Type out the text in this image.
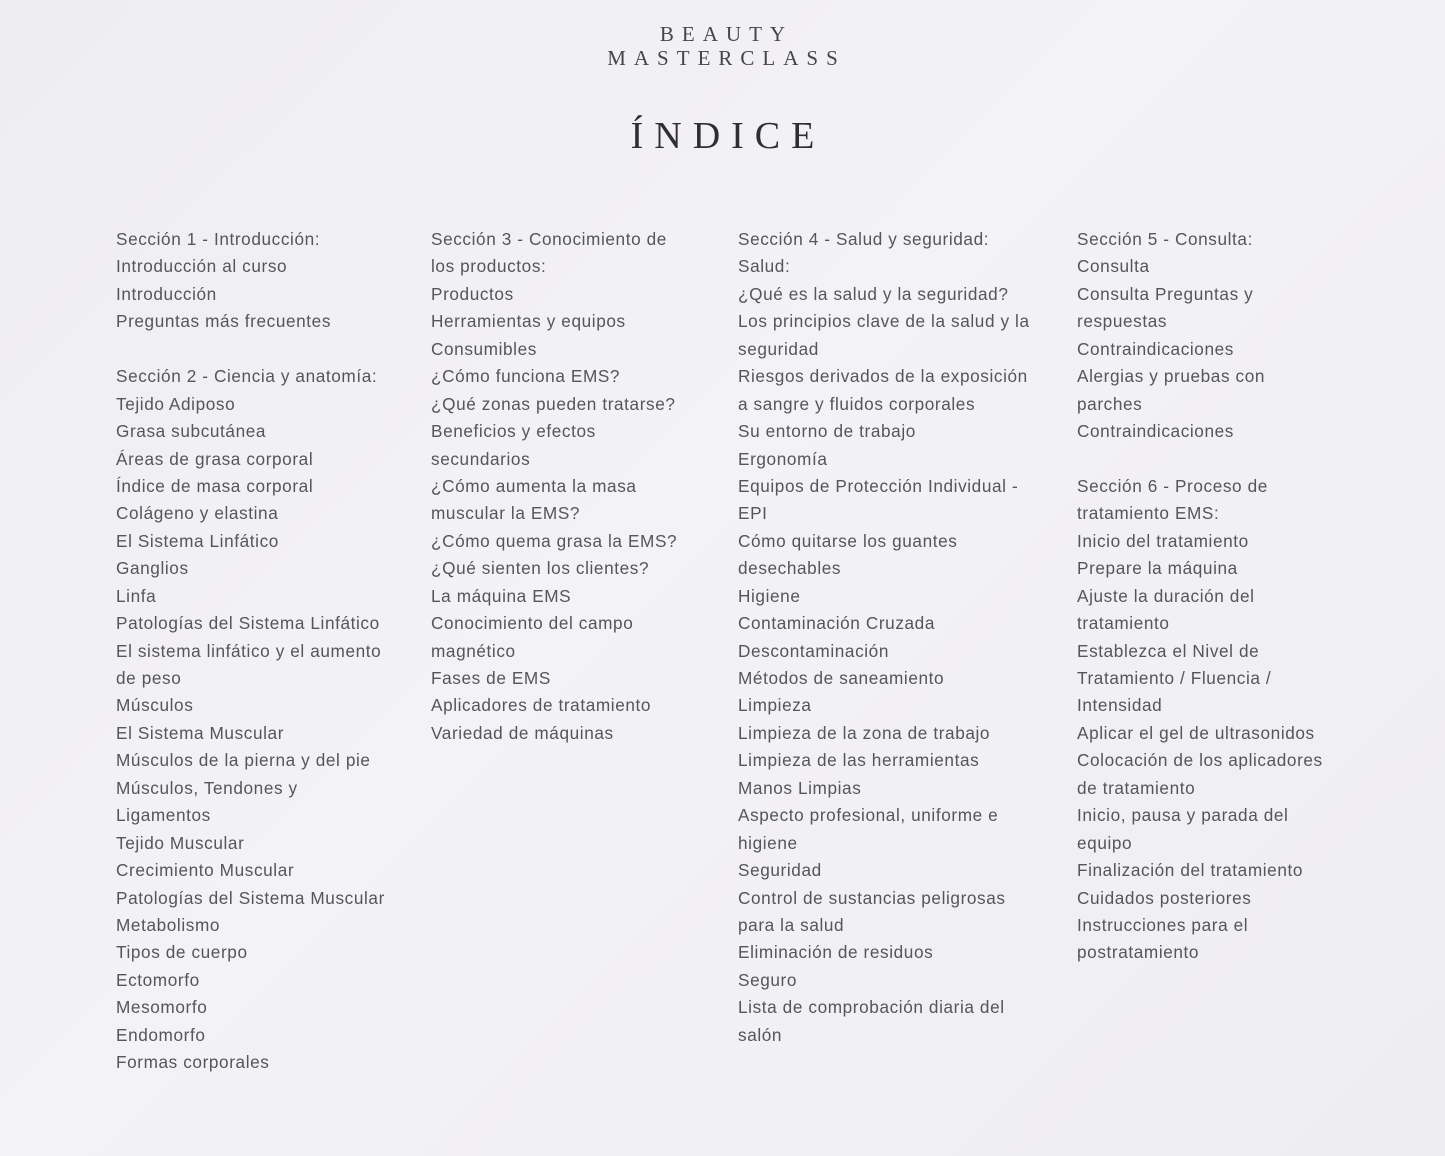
BEAUTY
MASTERCLASS
ÍNDICE
Sección 1 - Introducción:
Introducción al curso
Introducción
Preguntas más frecuentes
Sección 2 - Ciencia y anatomía:
Tejido Adiposo
Grasa subcutánea
Áreas de grasa corporal
Índice de masa corporal
Colágeno y elastina
El Sistema Linfático
Ganglios
Linfa
Patologías del Sistema Linfático
El sistema linfático y el aumento
de peso
Músculos
El Sistema Muscular
Músculos de la pierna y del pie
Músculos, Tendones y
Ligamentos
Tejido Muscular
Crecimiento Muscular
Patologías del Sistema Muscular
Metabolismo
Tipos de cuerpo
Ectomorfo
Mesomorfo
Endomorfo
Formas corporales
Sección 3 - Conocimiento de
los productos:
Productos
Herramientas y equipos
Consumibles
¿Cómo funciona EMS?
¿Qué zonas pueden tratarse?
Beneficios y efectos
secundarios
¿Cómo aumenta la masa
muscular la EMS?
¿Cómo quema grasa la EMS?
¿Qué sienten los clientes?
La máquina EMS
Conocimiento del campo
magnético
Fases de EMS
Aplicadores de tratamiento
Variedad de máquinas
Sección 4 - Salud y seguridad:
Salud:
¿Qué es la salud y la seguridad?
Los principios clave de la salud y la
seguridad
Riesgos derivados de la exposición
a sangre y fluidos corporales
Su entorno de trabajo
Ergonomía
Equipos de Protección Individual -
EPI
Cómo quitarse los guantes
desechables
Higiene
Contaminación Cruzada
Descontaminación
Métodos de saneamiento
Limpieza
Limpieza de la zona de trabajo
Limpieza de las herramientas
Manos Limpias
Aspecto profesional, uniforme e
higiene
Seguridad
Control de sustancias peligrosas
para la salud
Eliminación de residuos
Seguro
Lista de comprobación diaria del
salón
Sección 5 - Consulta:
Consulta
Consulta Preguntas y
respuestas
Contraindicaciones
Alergias y pruebas con
parches
Contraindicaciones
Sección 6 - Proceso de
tratamiento EMS:
Inicio del tratamiento
Prepare la máquina
Ajuste la duración del
tratamiento
Establezca el Nivel de
Tratamiento / Fluencia /
Intensidad
Aplicar el gel de ultrasonidos
Colocación de los aplicadores
de tratamiento
Inicio, pausa y parada del
equipo
Finalización del tratamiento
Cuidados posteriores
Instrucciones para el
postratamiento
